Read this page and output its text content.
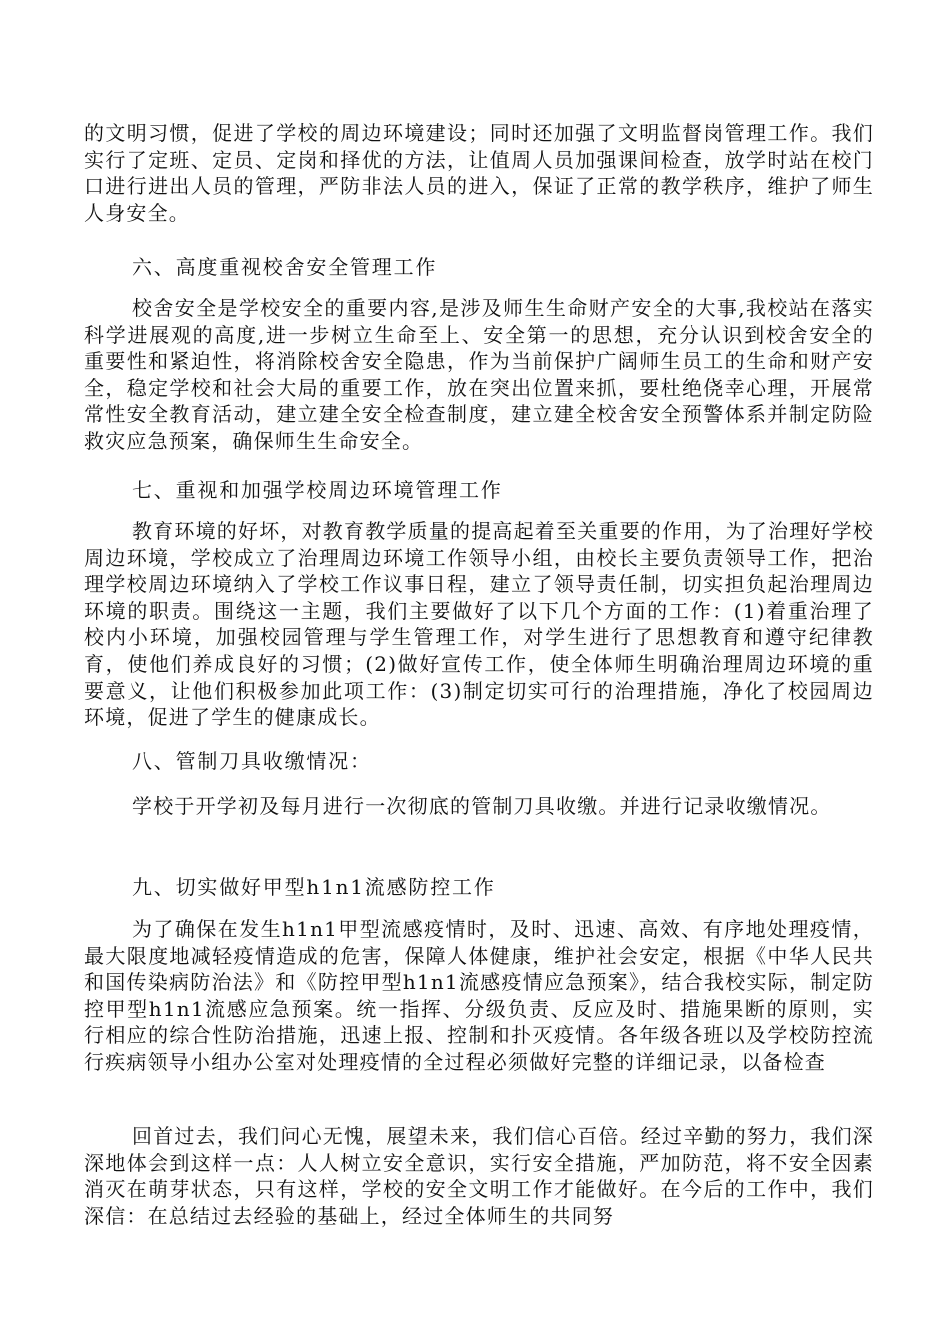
的文明习惯，促进了学校的周边环境建设；同时还加强了文明监督岗管理工作。我们实行了定班、定员、定岗和择优的方法，让值周人员加强课间检查，放学时站在校门口进行进出人员的管理，严防非法人员的进入，保证了正常的教学秩序，维护了师生人身安全。

六、高度重视校舍安全管理工作

校舍安全是学校安全的重要内容,是涉及师生生命财产安全的大事,我校站在落实科学进展观的高度,进一步树立生命至上、安全第一的思想，充分认识到校舍安全的重要性和紧迫性，将消除校舍安全隐患，作为当前保护广阔师生员工的生命和财产安全，稳定学校和社会大局的重要工作，放在突出位置来抓，要杜绝侥幸心理，开展常常性安全教育活动，建立建全安全检查制度，建立建全校舍安全预警体系并制定防险救灾应急预案，确保师生生命安全。

七、重视和加强学校周边环境管理工作

教育环境的好坏，对教育教学质量的提高起着至关重要的作用，为了治理好学校周边环境，学校成立了治理周边环境工作领导小组，由校长主要负责领导工作，把治理学校周边环境纳入了学校工作议事日程，建立了领导责任制，切实担负起治理周边环境的职责。围绕这一主题，我们主要做好了以下几个方面的工作：(1)着重治理了校内小环境，加强校园管理与学生管理工作，对学生进行了思想教育和遵守纪律教育，使他们养成良好的习惯；(2)做好宣传工作，使全体师生明确治理周边环境的重要意义，让他们积极参加此项工作：(3)制定切实可行的治理措施，净化了校园周边环境，促进了学生的健康成长。

八、管制刀具收缴情况：

学校于开学初及每月进行一次彻底的管制刀具收缴。并进行记录收缴情况。

九、切实做好甲型h1n1流感防控工作

为了确保在发生h1n1甲型流感疫情时，及时、迅速、高效、有序地处理疫情，最大限度地减轻疫情造成的危害，保障人体健康，维护社会安定，根据《中华人民共和国传染病防治法》和《防控甲型h1n1流感疫情应急预案》，结合我校实际，制定防控甲型h1n1流感应急预案。统一指挥、分级负责、反应及时、措施果断的原则，实行相应的综合性防治措施，迅速上报、控制和扑灭疫情。各年级各班以及学校防控流行疾病领导小组办公室对处理疫情的全过程必须做好完整的详细记录，以备检查

回首过去，我们问心无愧，展望未来，我们信心百倍。经过辛勤的努力，我们深深地体会到这样一点：人人树立安全意识，实行安全措施，严加防范，将不安全因素消灭在萌芽状态，只有这样，学校的安全文明工作才能做好。在今后的工作中，我们深信：在总结过去经验的基础上，经过全体师生的共同努
